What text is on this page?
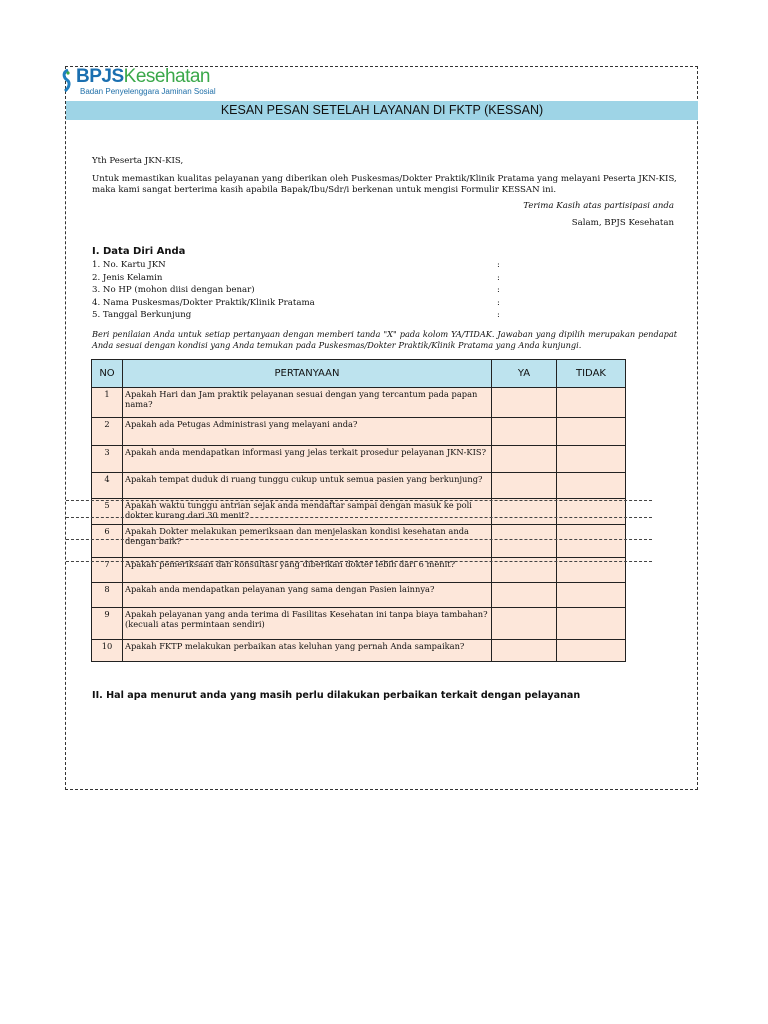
BPJSKesehatan
Badan Penyelenggara Jaminan Sosial
KESAN PESAN SETELAH LAYANAN DI FKTP (KESSAN)
Yth Peserta JKN-KIS,
Untuk memastikan kualitas pelayanan yang diberikan oleh Puskesmas/Dokter Praktik/Klinik Pratama yang melayani Peserta JKN-KIS, maka kami sangat berterima kasih apabila Bapak/Ibu/Sdr/i berkenan untuk mengisi Formulir KESSAN ini.
Terima Kasih atas partisipasi anda
Salam, BPJS Kesehatan
I. Data Diri Anda
1. No. Kartu JKN	:
2. Jenis Kelamin	:
3. No HP (mohon diisi dengan benar)	:
4. Nama Puskesmas/Dokter Praktik/Klinik Pratama	:
5. Tanggal Berkunjung	:
Beri penilaian Anda untuk setiap pertanyaan dengan memberi tanda "X" pada kolom YA/TIDAK. Jawaban yang dipilih merupakan pendapat Anda sesuai dengan kondisi yang Anda temukan pada Puskesmas/Dokter Praktik/Klinik Pratama yang Anda kunjungi.
NO	PERTANYAAN	YA	TIDAK
1	Apakah Hari dan Jam praktik pelayanan sesuai dengan yang tercantum pada papan nama?		
2	Apakah ada Petugas Administrasi yang melayani anda?		
3	Apakah anda mendapatkan informasi yang jelas terkait prosedur pelayanan JKN-KIS?		
4	Apakah tempat duduk di ruang tunggu cukup untuk semua pasien yang berkunjung?		
5	Apakah waktu tunggu antrian sejak anda mendaftar sampai dengan masuk ke poli dokter kurang dari 30 menit?		
6	Apakah Dokter melakukan pemeriksaan dan menjelaskan kondisi kesehatan anda dengan baik?		
7	Apakah pemeriksaan dan konsultasi yang diberikan dokter lebih dari 6 menit?		
8	Apakah anda mendapatkan pelayanan yang sama dengan Pasien lainnya?		
9	Apakah pelayanan yang anda terima di Fasilitas Kesehatan ini tanpa biaya tambahan? (kecuali atas permintaan sendiri)		
10	Apakah FKTP melakukan perbaikan atas keluhan yang pernah Anda sampaikan?		
II. Hal apa menurut anda yang masih perlu dilakukan perbaikan terkait dengan pelayanan
